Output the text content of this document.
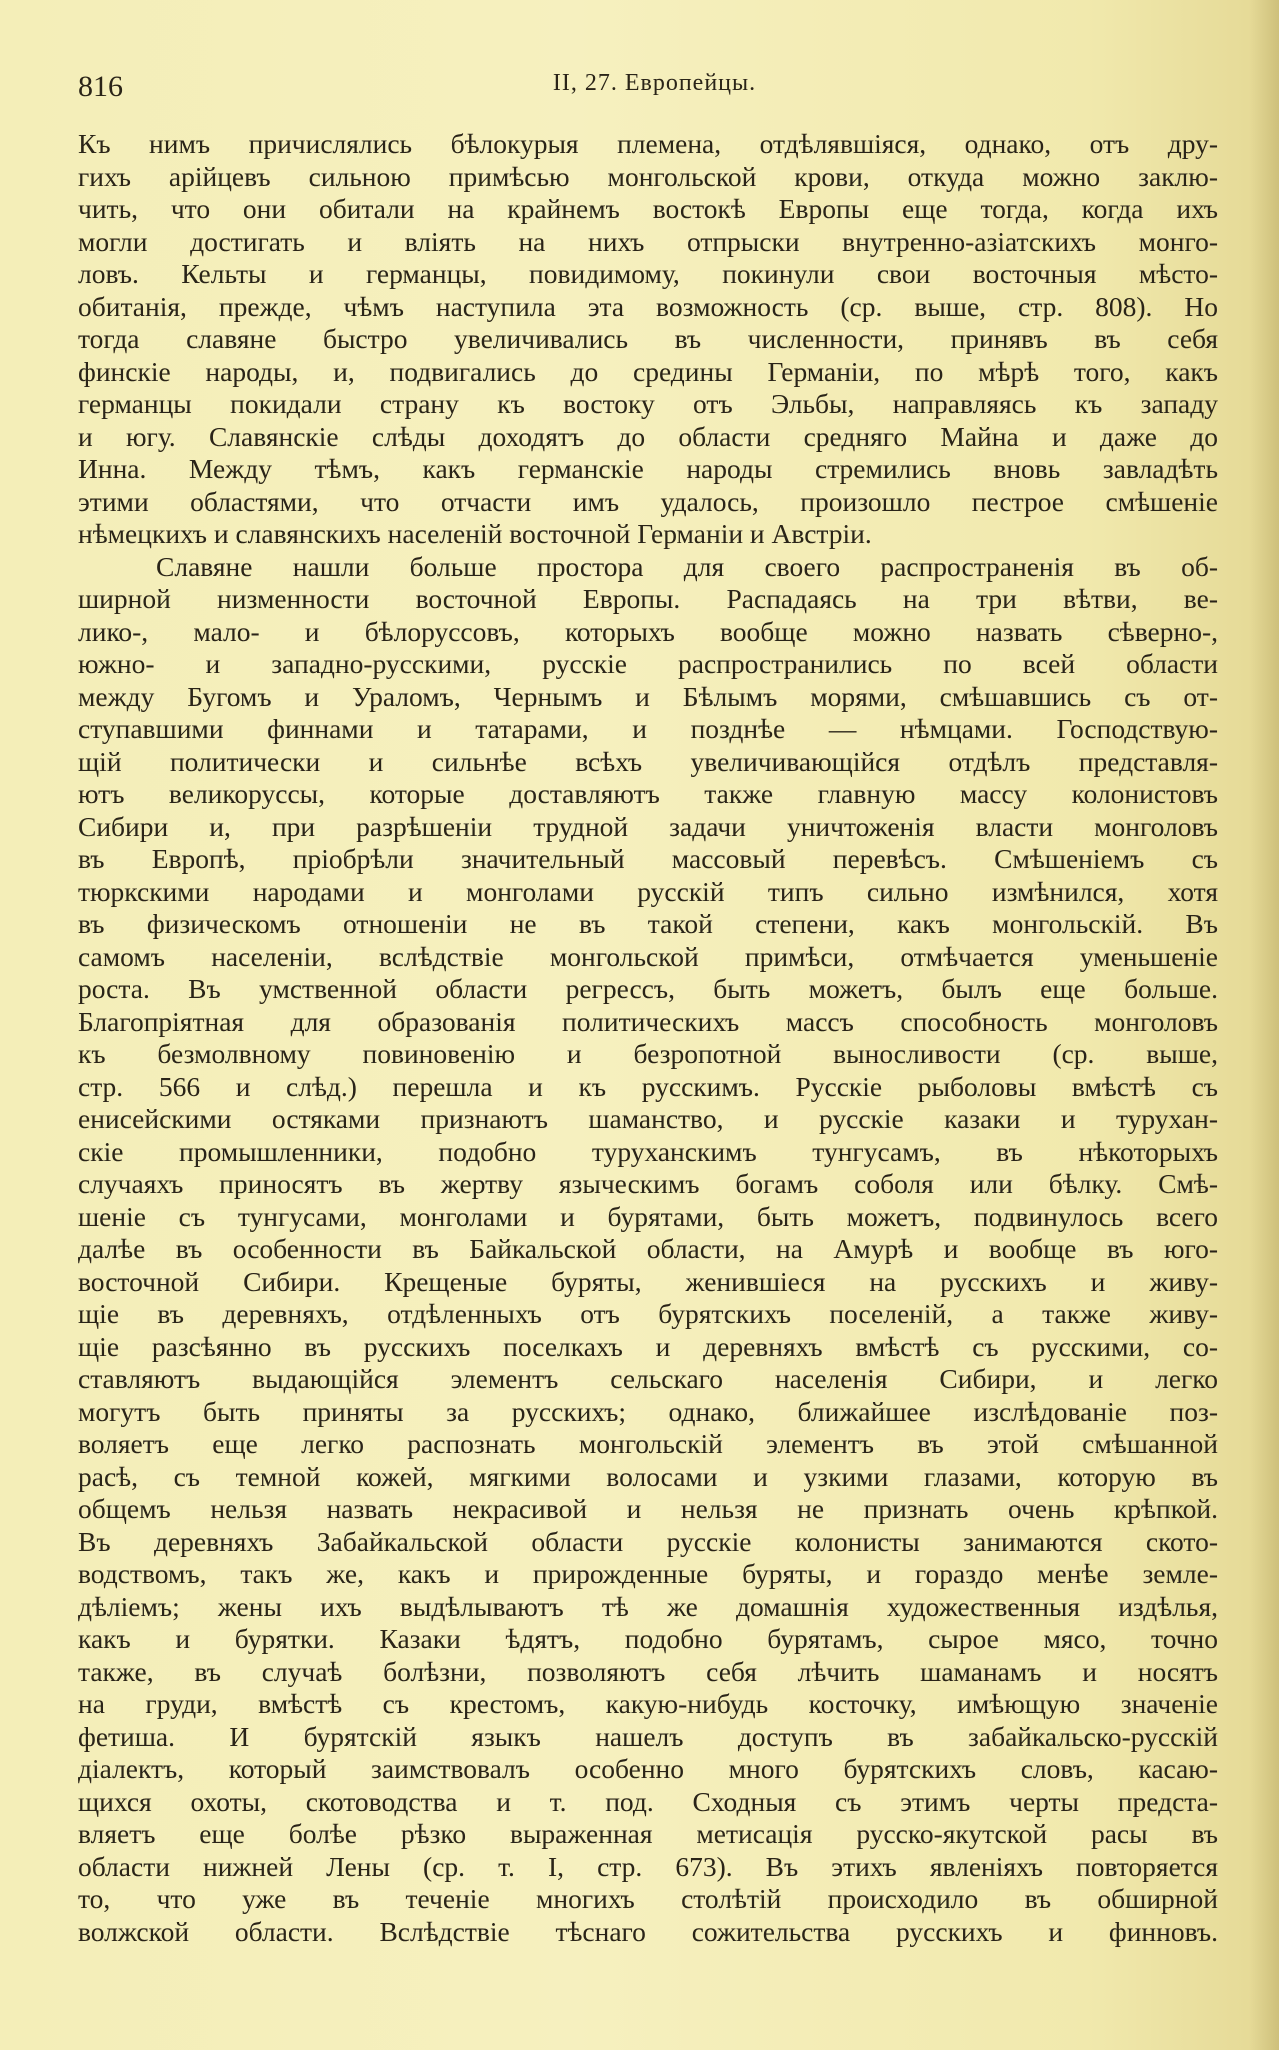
816	II, 27. Европейцы.
Къ нимъ причислялись бѣлокурыя племена, отдѣлявшіяся, однако, отъ дру-
гихъ арійцевъ сильною примѣсью монгольской крови, откуда можно заклю-
чить, что они обитали на крайнемъ востокѣ Европы еще тогда, когда ихъ
могли достигать и вліять на нихъ отпрыски внутренно-азіатскихъ монго-
ловъ. Кельты и германцы, повидимому, покинули свои восточныя мѣсто-
обитанія, прежде, чѣмъ наступила эта возможность (ср. выше, стр. 808). Но
тогда славяне быстро увеличивались въ численности, принявъ въ себя
финскіе народы, и, подвигались до средины Германіи, по мѣрѣ того, какъ
германцы покидали страну къ востоку отъ Эльбы, направляясь къ западу
и югу. Славянскіе слѣды доходятъ до области средняго Майна и даже до
Инна. Между тѣмъ, какъ германскіе народы стремились вновь завладѣть
этими областями, что отчасти имъ удалось, произошло пестрое смѣшеніе
нѣмецкихъ и славянскихъ населеній восточной Германіи и Австріи.
Славяне нашли больше простора для своего распространенія въ об-
ширной низменности восточной Европы. Распадаясь на три вѣтви, ве-
лико-, мало- и бѣлоруссовъ, которыхъ вообще можно назвать сѣверно-,
южно- и западно-русскими, русскіе распространились по всей области
между Бугомъ и Ураломъ, Чернымъ и Бѣлымъ морями, смѣшавшись съ от-
ступавшими финнами и татарами, и позднѣе — нѣмцами. Господствую-
щій политически и сильнѣе всѣхъ увеличивающійся отдѣлъ представля-
ютъ великоруссы, которые доставляютъ также главную массу колонистовъ
Сибири и, при разрѣшеніи трудной задачи уничтоженія власти монголовъ
въ Европѣ, пріобрѣли значительный массовый перевѣсъ. Смѣшеніемъ съ
тюркскими народами и монголами русскій типъ сильно измѣнился, хотя
въ физическомъ отношеніи не въ такой степени, какъ монгольскій. Въ
самомъ населеніи, вслѣдствіе монгольской примѣси, отмѣчается уменьшеніе
роста. Въ умственной области регрессъ, быть можетъ, былъ еще больше.
Благопріятная для образованія политическихъ массъ способность монголовъ
къ безмолвному повиновенію и безропотной выносливости (ср. выше,
стр. 566 и слѣд.) перешла и къ русскимъ. Русскіе рыболовы вмѣстѣ съ
енисейскими остяками признаютъ шаманство, и русскіе казаки и турухан-
скіе промышленники, подобно туруханскимъ тунгусамъ, въ нѣкоторыхъ
случаяхъ приносятъ въ жертву языческимъ богамъ соболя или бѣлку. Смѣ-
шеніе съ тунгусами, монголами и бурятами, быть можетъ, подвинулось всего
далѣе въ особенности въ Байкальской области, на Амурѣ и вообще въ юго-
восточной Сибири. Крещеные буряты, женившіеся на русскихъ и живу-
щіе въ деревняхъ, отдѣленныхъ отъ бурятскихъ поселеній, а также живу-
щіе разсѣянно въ русскихъ поселкахъ и деревняхъ вмѣстѣ съ русскими, со-
ставляютъ выдающійся элементъ сельскаго населенія Сибири, и легко
могутъ быть приняты за русскихъ; однако, ближайшее изслѣдованіе поз-
воляетъ еще легко распознать монгольскій элементъ въ этой смѣшанной
расѣ, съ темной кожей, мягкими волосами и узкими глазами, которую въ
общемъ нельзя назвать некрасивой и нельзя не признать очень крѣпкой.
Въ деревняхъ Забайкальской области русскіе колонисты занимаются ското-
водствомъ, такъ же, какъ и прирожденные буряты, и гораздо менѣе земле-
дѣліемъ; жены ихъ выдѣлываютъ тѣ же домашнія художественныя издѣлья,
какъ и бурятки. Казаки ѣдятъ, подобно бурятамъ, сырое мясо, точно
также, въ случаѣ болѣзни, позволяютъ себя лѣчить шаманамъ и носятъ
на груди, вмѣстѣ съ крестомъ, какую-нибудь косточку, имѣющую значеніе
фетиша. И бурятскій языкъ нашелъ доступъ въ забайкальско-русскій
діалектъ, который заимствовалъ особенно много бурятскихъ словъ, касаю-
щихся охоты, скотоводства и т. под. Сходныя съ этимъ черты предста-
вляетъ еще болѣе рѣзко выраженная метисація русско-якутской расы въ
области нижней Лены (ср. т. I, стр. 673). Въ этихъ явленіяхъ повторяется
то, что уже въ теченіе многихъ столѣтій происходило въ обширной
волжской области. Вслѣдствіе тѣснаго сожительства русскихъ и финновъ.
